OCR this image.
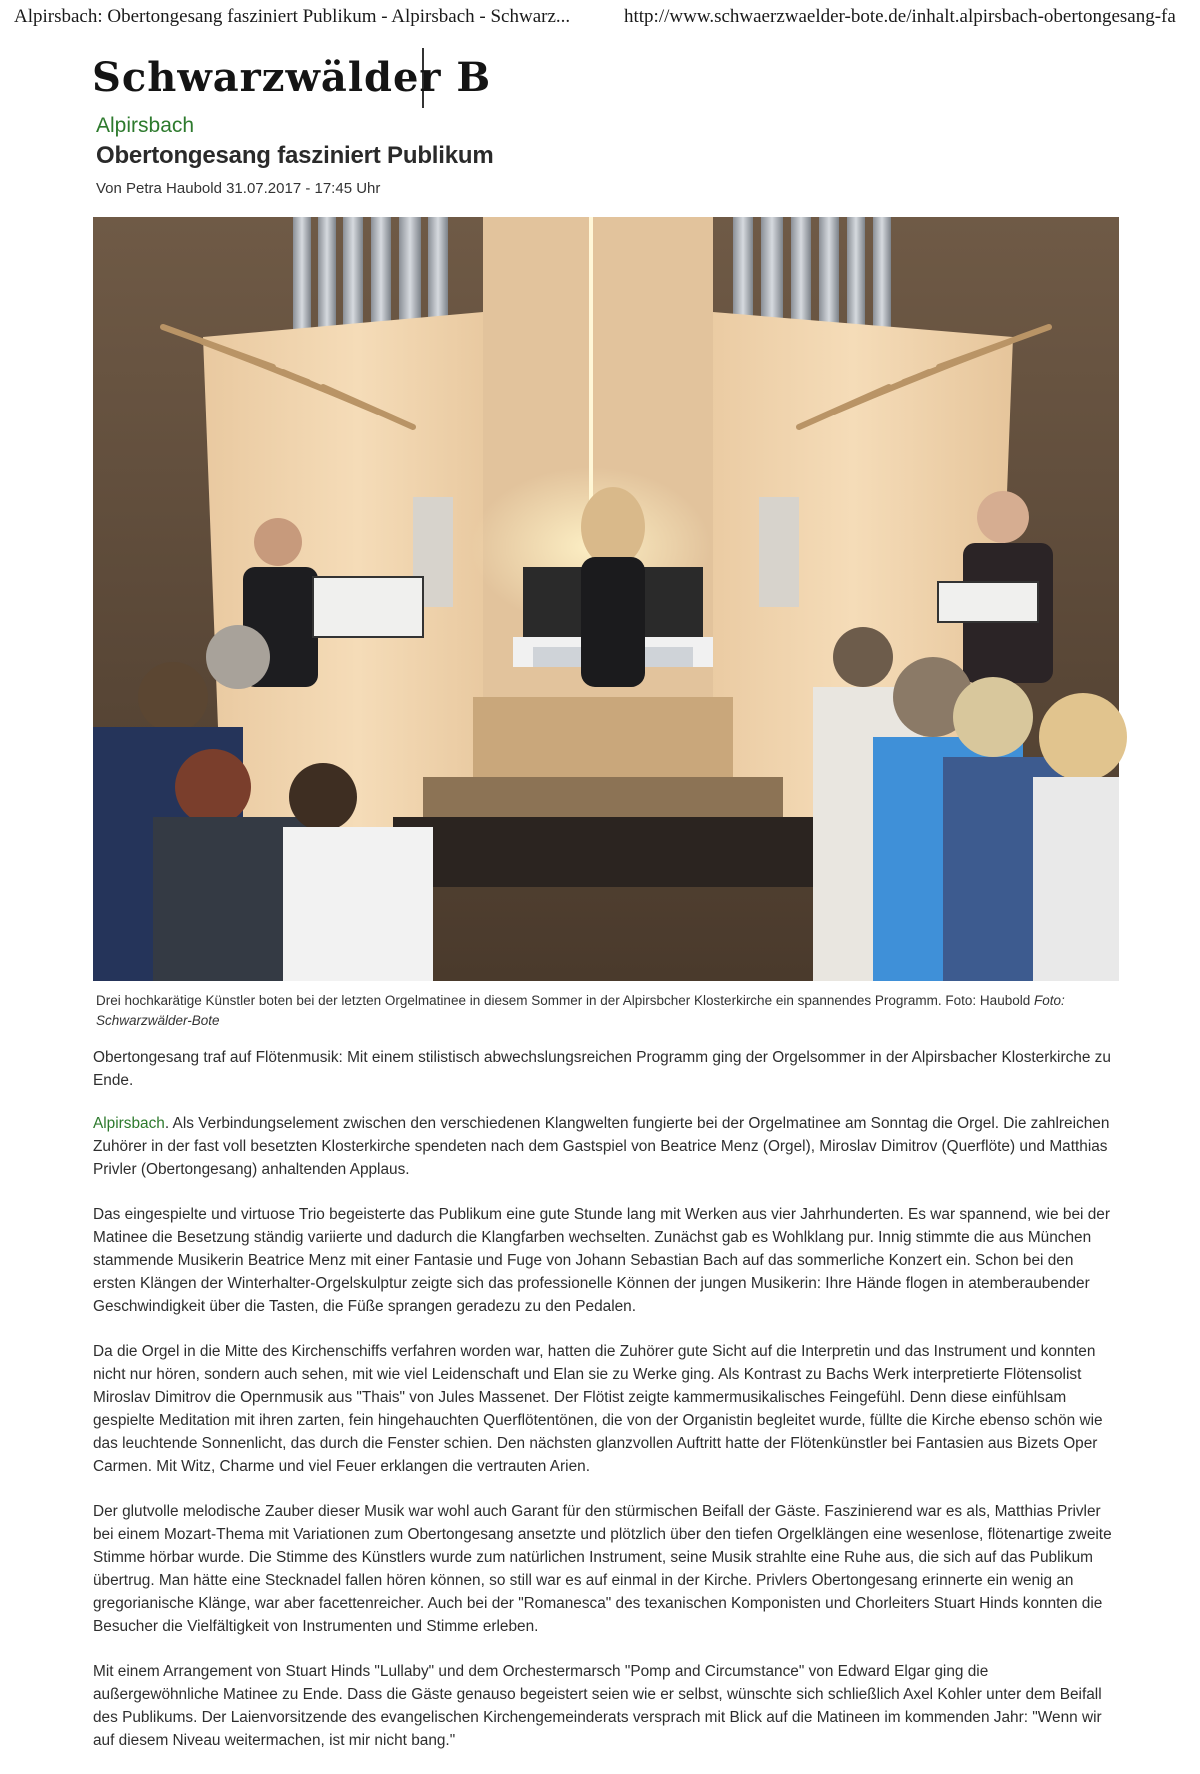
Alpirsbach: Obertongesang fasziniert Publikum - Alpirsbach - Schwarz...	http://www.schwaerzwaelder-bote.de/inhalt.alpirsbach-obertongesang-fa
Schwarzwälder B
Alpirsbach
Obertongesang fasziniert Publikum
Von Petra Haubold 31.07.2017 - 17:45 Uhr
Drei hochkarätige Künstler boten bei der letzten Orgelmatinee in diesem Sommer in der Alpirsbcher Klosterkirche ein spannendes Programm. Foto: Haubold Foto: Schwarzwälder-Bote

Obertongesang traf auf Flötenmusik: Mit einem stilistisch abwechslungsreichen Programm ging der Orgelsommer in der Alpirsbacher Klosterkirche zu Ende.

Alpirsbach. Als Verbindungselement zwischen den verschiedenen Klangwelten fungierte bei der Orgelmatinee am Sonntag die Orgel. Die zahlreichen Zuhörer in der fast voll besetzten Klosterkirche spendeten nach dem Gastspiel von Beatrice Menz (Orgel), Miroslav Dimitrov (Querflöte) und Matthias Privler (Obertongesang) anhaltenden Applaus.

Das eingespielte und virtuose Trio begeisterte das Publikum eine gute Stunde lang mit Werken aus vier Jahrhunderten. Es war spannend, wie bei der Matinee die Besetzung ständig variierte und dadurch die Klangfarben wechselten. Zunächst gab es Wohlklang pur. Innig stimmte die aus München stammende Musikerin Beatrice Menz mit einer Fantasie und Fuge von Johann Sebastian Bach auf das sommerliche Konzert ein. Schon bei den ersten Klängen der Winterhalter-Orgelskulptur zeigte sich das professionelle Können der jungen Musikerin: Ihre Hände flogen in atemberaubender Geschwindigkeit über die Tasten, die Füße sprangen geradezu zu den Pedalen.

Da die Orgel in die Mitte des Kirchenschiffs verfahren worden war, hatten die Zuhörer gute Sicht auf die Interpretin und das Instrument und konnten nicht nur hören, sondern auch sehen, mit wie viel Leidenschaft und Elan sie zu Werke ging. Als Kontrast zu Bachs Werk interpretierte Flötensolist Miroslav Dimitrov die Opernmusik aus "Thais" von Jules Massenet. Der Flötist zeigte kammermusikalisches Feingefühl. Denn diese einfühlsam gespielte Meditation mit ihren zarten, fein hingehauchten Querflötentönen, die von der Organistin begleitet wurde, füllte die Kirche ebenso schön wie das leuchtende Sonnenlicht, das durch die Fenster schien. Den nächsten glanzvollen Auftritt hatte der Flötenkünstler bei Fantasien aus Bizets Oper Carmen. Mit Witz, Charme und viel Feuer erklangen die vertrauten Arien.

Der glutvolle melodische Zauber dieser Musik war wohl auch Garant für den stürmischen Beifall der Gäste. Faszinierend war es als, Matthias Privler bei einem Mozart-Thema mit Variationen zum Obertongesang ansetzte und plötzlich über den tiefen Orgelklängen eine wesenlose, flötenartige zweite Stimme hörbar wurde. Die Stimme des Künstlers wurde zum natürlichen Instrument, seine Musik strahlte eine Ruhe aus, die sich auf das Publikum übertrug. Man hätte eine Stecknadel fallen hören können, so still war es auf einmal in der Kirche. Privlers Obertongesang erinnerte ein wenig an gregorianische Klänge, war aber facettenreicher. Auch bei der "Romanesca" des texanischen Komponisten und Chorleiters Stuart Hinds konnten die Besucher die Vielfältigkeit von Instrumenten und Stimme erleben.

Mit einem Arrangement von Stuart Hinds "Lullaby" und dem Orchestermarsch "Pomp and Circumstance" von Edward Elgar ging die außergewöhnliche Matinee zu Ende. Dass die Gäste genauso begeistert seien wie er selbst, wünschte sich schließlich Axel Kohler unter dem Beifall des Publikums. Der Laienvorsitzende des evangelischen Kirchengemeinderats versprach mit Blick auf die Matineen im kommenden Jahr: "Wenn wir auf diesem Niveau weitermachen, ist mir nicht bang."
